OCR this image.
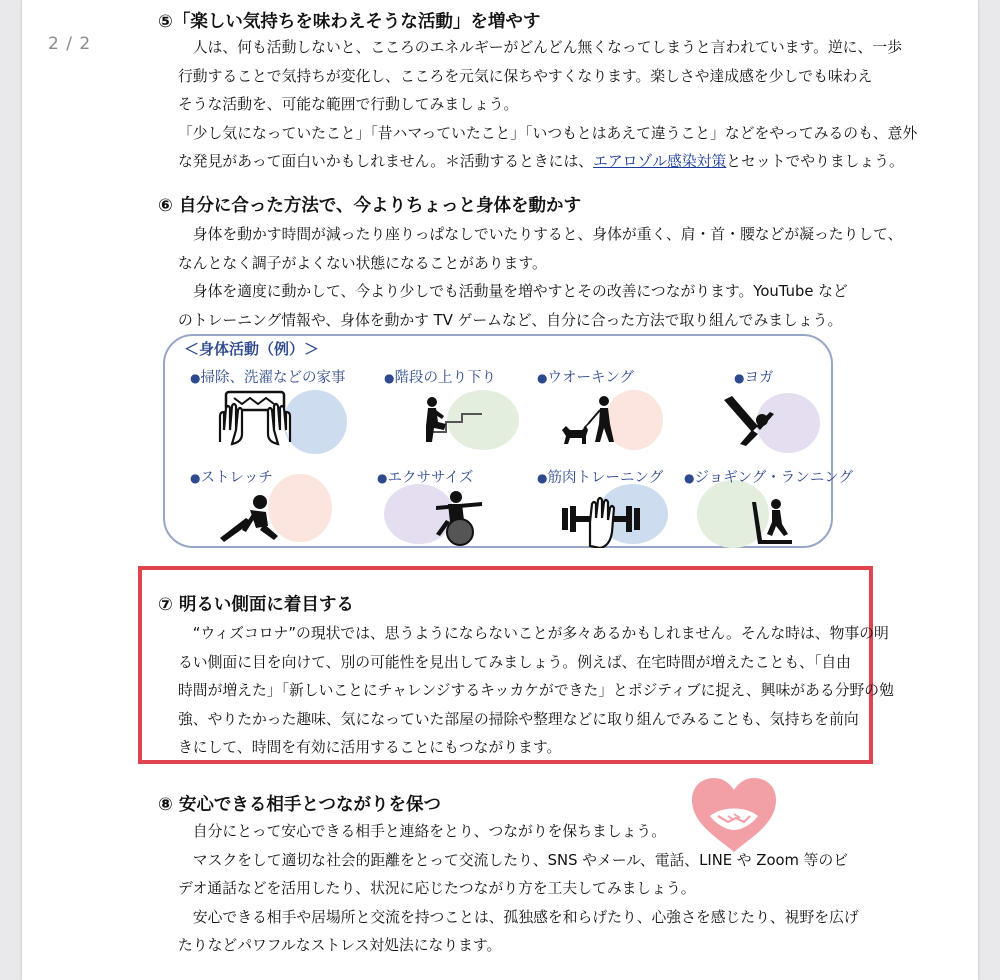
2 / 2
⑤「楽しい気持ちを味わえそうな活動」を増やす

　人は、何も活動しないと、こころのエネルギーがどんどん無くなってしまうと言われています。逆に、一歩

行動することで気持ちが変化し、こころを元気に保ちやすくなります。楽しさや達成感を少しでも味わえ

そうな活動を、可能な範囲で行動してみましょう。

「少し気になっていたこと」「昔ハマっていたこと」「いつもとはあえて違うこと」などをやってみるのも、意外

な発見があって面白いかもしれません。＊活動するときには、エアロゾル感染対策とセットでやりましょう。

⑥ 自分に合った方法で、今よりちょっと身体を動かす

　身体を動かす時間が減ったり座りっぱなしでいたりすると、身体が重く、肩・首・腰などが凝ったりして、

なんとなく調子がよくない状態になることがあります。

　身体を適度に動かして、今より少しでも活動量を増やすとその改善につながります。YouTube など

のトレーニング情報や、身体を動かす TV ゲームなど、自分に合った方法で取り組んでみましょう。

＜身体活動（例）＞
●掃除、洗濯などの家事	●階段の上り下り	●ウオーキング	●ヨガ
●ストレッチ	●エクササイズ	●筋肉トレーニング ●ジョギング・ランニング
⑦ 明るい側面に着目する

　“ウィズコロナ”の現状では、思うようにならないことが多々あるかもしれません。そんな時は、物事の明

るい側面に目を向けて、別の可能性を見出してみましょう。例えば、在宅時間が増えたことも、「自由

時間が増えた」「新しいことにチャレンジするキッカケができた」とポジティブに捉え、興味がある分野の勉

強、やりたかった趣味、気になっていた部屋の掃除や整理などに取り組んでみることも、気持ちを前向

きにして、時間を有効に活用することにもつながります。

⑧ 安心できる相手とつながりを保つ

　自分にとって安心できる相手と連絡をとり、つながりを保ちましょう。

　マスクをして適切な社会的距離をとって交流したり、SNS やメール、電話、LINE や Zoom 等のビ

デオ通話などを活用したり、状況に応じたつながり方を工夫してみましょう。

　安心できる相手や居場所と交流を持つことは、孤独感を和らげたり、心強さを感じたり、視野を広げ

たりなどパワフルなストレス対処法になります。
